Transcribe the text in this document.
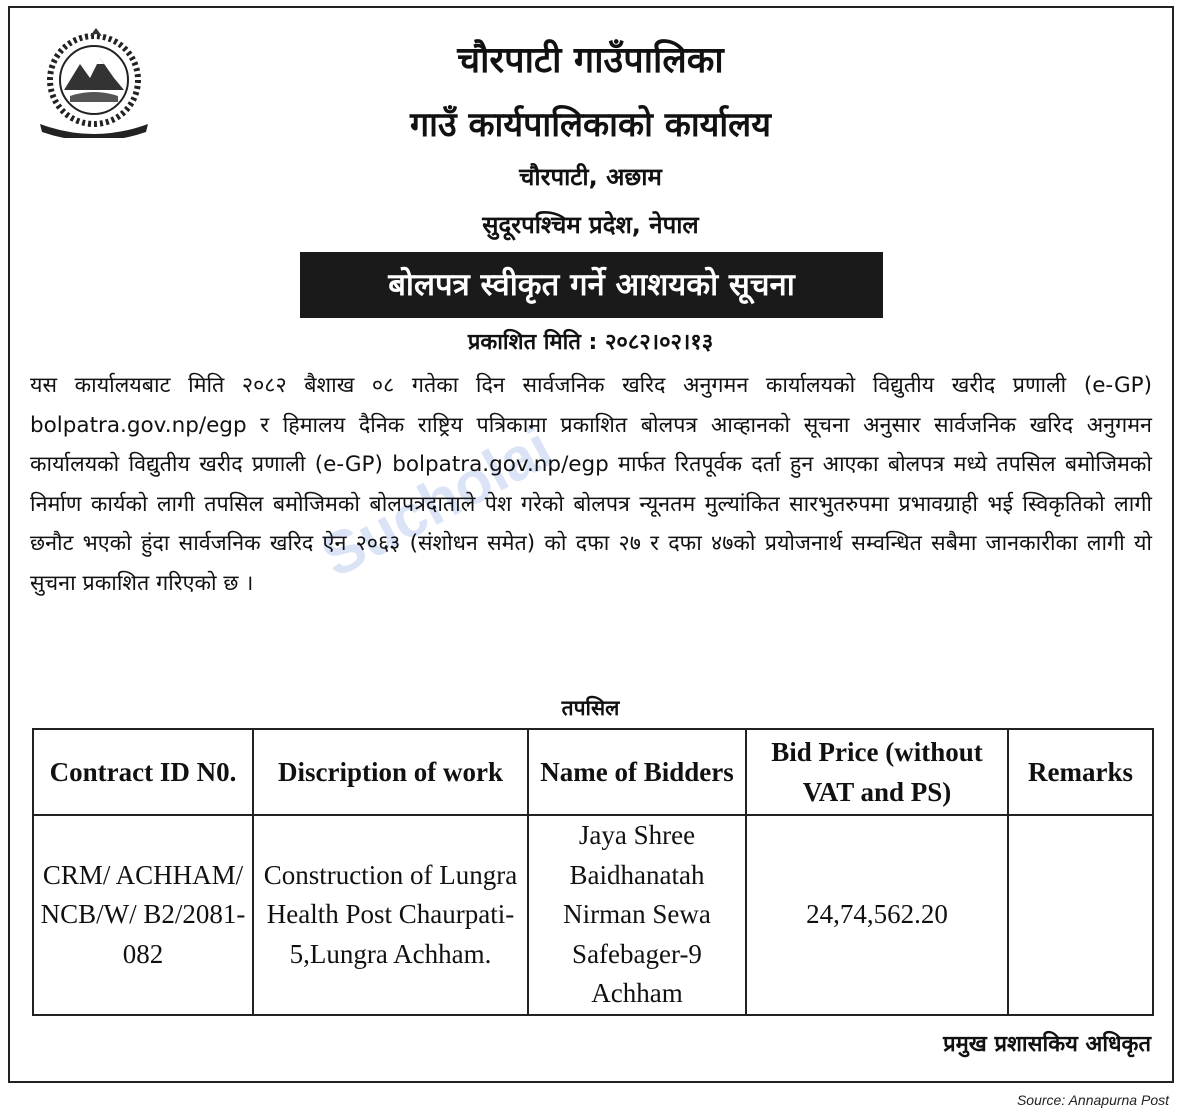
चौरपाटी गाउँपालिका
गाउँ कार्यपालिकाको कार्यालय
चौरपाटी, अछाम
सुदूरपश्चिम प्रदेश, नेपाल
बोलपत्र स्वीकृत गर्ने आशयको सूचना
प्रकाशित मिति : २०८२।०२।१३
Sucholai
यस कार्यालयबाट मिति २०८२ बैशाख ०८ गतेका दिन सार्वजनिक खरिद अनुगमन कार्यालयको विद्युतीय खरीद प्रणाली (e-GP) bolpatra.gov.np/egp र हिमालय दैनिक राष्ट्रिय पत्रिकामा प्रकाशित बोलपत्र आव्हानको सूचना अनुसार सार्वजनिक खरिद अनुगमन कार्यालयको विद्युतीय खरीद प्रणाली (e-GP) bolpatra.gov.np/egp मार्फत रितपूर्वक दर्ता हुन आएका बोलपत्र मध्ये तपसिल बमोजिमको निर्माण कार्यको लागी तपसिल बमोजिमको बोलपत्रदाताले पेश गरेको बोलपत्र न्यूनतम मुल्यांकित सारभुतरुपमा प्रभावग्राही भई स्विकृतिको लागी छनौट भएको हुंदा सार्वजनिक खरिद ऐन २०६३ (संशोधन समेत) को दफा २७ र दफा ४७को प्रयोजनार्थ सम्वन्धित सबैमा जानकारीका लागी यो सुचना प्रकाशित गरिएको छ ।
तपसिल
Contract ID N0.	Discription of work	Name of Bidders	Bid Price (without VAT and PS)	Remarks
CRM/ ACHHAM/ NCB/W/ B2/2081-082	Construction of Lungra Health Post Chaurpati-5,Lungra Achham.	Jaya Shree Baidhanatah Nirman Sewa Safebager-9 Achham	24,74,562.20	
प्रमुख प्रशासकिय अधिकृत
Source: Annapurna Post
